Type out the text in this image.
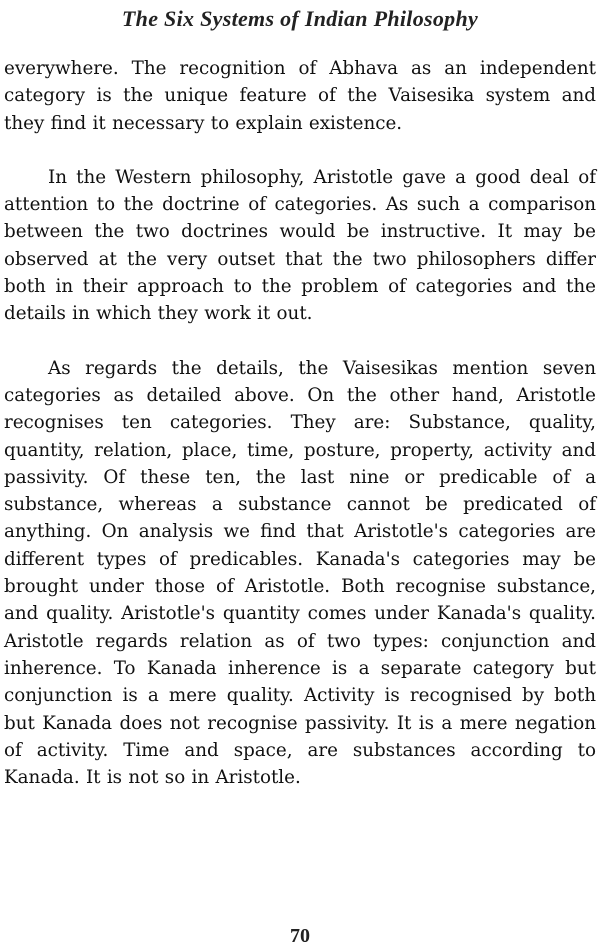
The Six Systems of Indian Philosophy

everywhere. The recognition of Abhava as an independent category is the unique feature of the Vaisesika system and they find it necessary to explain existence.

In the Western philosophy, Aristotle gave a good deal of attention to the doctrine of categories. As such a comparison between the two doctrines would be instructive. It may be observed at the very outset that the two philosophers differ both in their approach to the problem of categories and the details in which they work it out.

As regards the details, the Vaisesikas mention seven categories as detailed above. On the other hand, Aristotle recognises ten categories. They are: Substance, quality, quantity, relation, place, time, posture, property, activity and passivity. Of these ten, the last nine or predicable of a substance, whereas a substance cannot be predicated of anything. On analysis we find that Aristotle's categories are different types of predicables. Kanada's categories may be brought under those of Aristotle. Both recognise substance, and quality. Aristotle's quantity comes under Kanada's quality. Aristotle regards relation as of two types: conjunction and inherence. To Kanada inherence is a separate category but conjunction is a mere quality. Activity is recognised by both but Kanada does not recognise passivity. It is a mere negation of activity. Time and space, are substances according to Kanada. It is not so in Aristotle.

70
